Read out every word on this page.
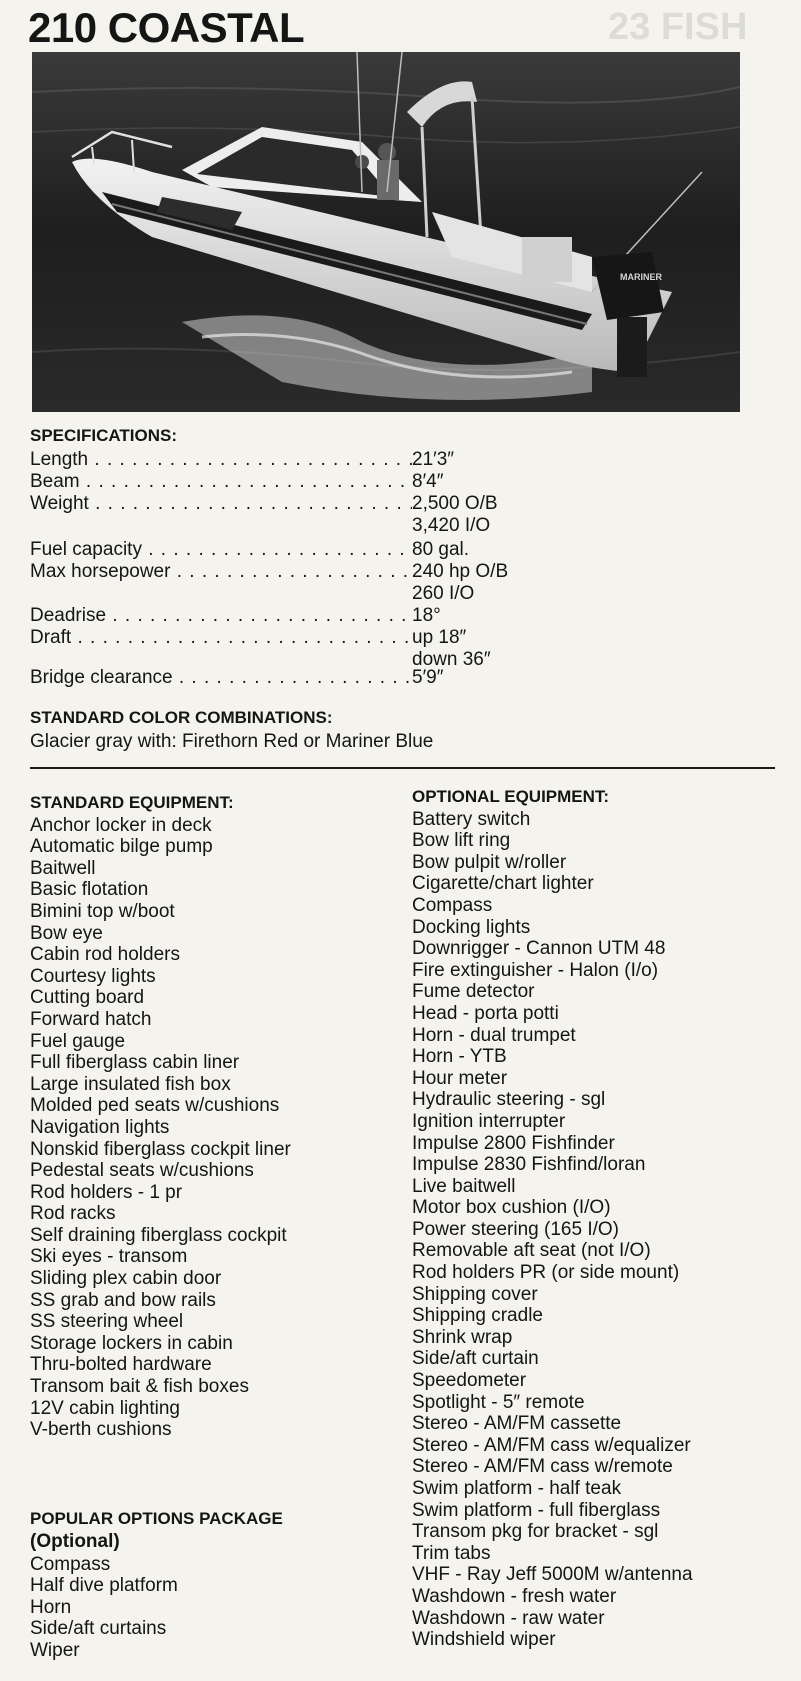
210 COASTAL	23 FISH
MARINER
SPECIFICATIONS:
Length . . .	21′3″
Beam . . .	8′4″
Weight . . .	2,500 O/B
3,420 I/O
Fuel capacity . . .	80 gal.
Max horsepower . . .	240 hp O/B
260 I/O
Deadrise . . .	18°
Draft . . .	up 18″
down 36″
Bridge clearance . . .	5′9″
STANDARD COLOR COMBINATIONS:
Glacier gray with: Firethorn Red or Mariner Blue
STANDARD EQUIPMENT:
Anchor locker in deck
Automatic bilge pump
Baitwell
Basic flotation
Bimini top w/boot
Bow eye
Cabin rod holders
Courtesy lights
Cutting board
Forward hatch
Fuel gauge
Full fiberglass cabin liner
Large insulated fish box
Molded ped seats w/cushions
Navigation lights
Nonskid fiberglass cockpit liner
Pedestal seats w/cushions
Rod holders - 1 pr
Rod racks
Self draining fiberglass cockpit
Ski eyes - transom
Sliding plex cabin door
SS grab and bow rails
SS steering wheel
Storage lockers in cabin
Thru-bolted hardware
Transom bait & fish boxes
12V cabin lighting
V-berth cushions
OPTIONAL EQUIPMENT:
Battery switch
Bow lift ring
Bow pulpit w/roller
Cigarette/chart lighter
Compass
Docking lights
Downrigger - Cannon UTM 48
Fire extinguisher - Halon (I/o)
Fume detector
Head - porta potti
Horn - dual trumpet
Horn - YTB
Hour meter
Hydraulic steering - sgl
Ignition interrupter
Impulse 2800 Fishfinder
Impulse 2830 Fishfind/loran
Live baitwell
Motor box cushion (I/O)
Power steering (165 I/O)
Removable aft seat (not I/O)
Rod holders PR (or side mount)
Shipping cover
Shipping cradle
Shrink wrap
Side/aft curtain
Speedometer
Spotlight - 5″ remote
Stereo - AM/FM cassette
Stereo - AM/FM cass w/equalizer
Stereo - AM/FM cass w/remote
Swim platform - half teak
Swim platform - full fiberglass
Transom pkg for bracket - sgl
Trim tabs
VHF - Ray Jeff 5000M w/antenna
Washdown - fresh water
Washdown - raw water
Windshield wiper
POPULAR OPTIONS PACKAGE
(Optional)
Compass
Half dive platform
Horn
Side/aft curtains
Wiper
